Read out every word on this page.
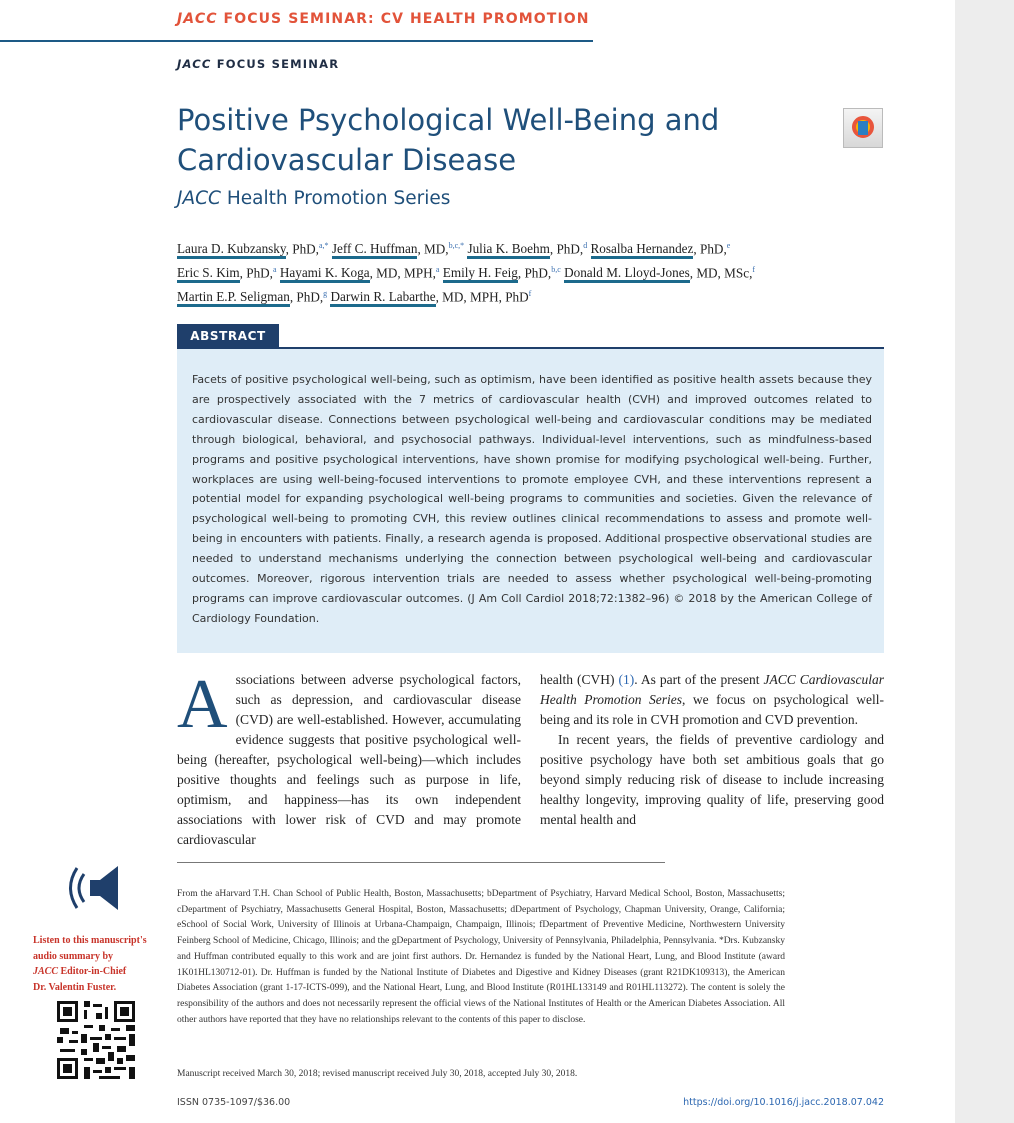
JACC FOCUS SEMINAR: CV HEALTH PROMOTION
JACC FOCUS SEMINAR
Positive Psychological Well-Being and Cardiovascular Disease
JACC Health Promotion Series

Laura D. Kubzansky, PhD,$^{a,*}$ Jeff C. Huffman, MD,$^{b,c,*}$ Julia K. Boehm, PhD,$^d$ Rosalba Hernandez, PhD,$^e$

Eric S. Kim, PhD,$^a$ Hayami K. Koga, MD, MPH,$^a$ Emily H. Feig, PhD,$^{b,c}$ Donald M. Lloyd-Jones, MD, MSc,$^f$

Martin E.P. Seligman, PhD,$^g$ Darwin R. Labarthe, MD, MPH, PhD$^f$

ABSTRACT

Facets of positive psychological well-being, such as optimism, have been identified as positive health assets because they are prospectively associated with the 7 metrics of cardiovascular health (CVH) and improved outcomes related to cardiovascular disease. Connections between psychological well-being and cardiovascular conditions may be mediated through biological, behavioral, and psychosocial pathways. Individual-level interventions, such as mindfulness-based programs and positive psychological interventions, have shown promise for modifying psychological well-being. Further, workplaces are using well-being-focused interventions to promote employee CVH, and these interventions represent a potential model for expanding psychological well-being programs to communities and societies. Given the relevance of psychological well-being to promoting CVH, this review outlines clinical recommendations to assess and promote well-being in encounters with patients. Finally, a research agenda is proposed. Additional prospective observational studies are needed to understand mechanisms underlying the connection between psychological well-being and cardiovascular outcomes. Moreover, rigorous intervention trials are needed to assess whether psychological well-being-promoting programs can improve cardiovascular outcomes. (J Am Coll Cardiol 2018;72:1382–96) © 2018 by the American College of Cardiology Foundation.

Associations between adverse psychological factors, such as depression, and cardiovascular disease (CVD) are well-established. However, accumulating evidence suggests that positive psychological well-being (hereafter, psychological well-being)—which includes positive thoughts and feelings such as purpose in life, optimism, and happiness—has its own independent associations with lower risk of CVD and may promote cardiovascular

health (CVH) (1). As part of the present JACC Cardiovascular Health Promotion Series, we focus on psychological well-being and its role in CVH promotion and CVD prevention.

In recent years, the fields of preventive cardiology and positive psychology have both set ambitious goals that go beyond simply reducing risk of disease to include increasing healthy longevity, improving quality of life, preserving good mental health and

From the aHarvard T.H. Chan School of Public Health, Boston, Massachusetts; bDepartment of Psychiatry, Harvard Medical School, Boston, Massachusetts; cDepartment of Psychiatry, Massachusetts General Hospital, Boston, Massachusetts; dDepartment of Psychology, Chapman University, Orange, California; eSchool of Social Work, University of Illinois at Urbana-Champaign, Champaign, Illinois; fDepartment of Preventive Medicine, Northwestern University Feinberg School of Medicine, Chicago, Illinois; and the gDepartment of Psychology, University of Pennsylvania, Philadelphia, Pennsylvania. *Drs. Kubzansky and Huffman contributed equally to this work and are joint first authors. Dr. Hernandez is funded by the National Heart, Lung, and Blood Institute (award 1K01HL130712-01). Dr. Huffman is funded by the National Institute of Diabetes and Digestive and Kidney Diseases (grant R21DK109313), the American Diabetes Association (grant 1-17-ICTS-099), and the National Heart, Lung, and Blood Institute (R01HL133149 and R01HL113272). The content is solely the responsibility of the authors and does not necessarily represent the official views of the National Institutes of Health or the American Diabetes Association. All other authors have reported that they have no relationships relevant to the contents of this paper to disclose.

Manuscript received March 30, 2018; revised manuscript received July 30, 2018, accepted July 30, 2018.
ISSN 0735-1097/$36.00	https://doi.org/10.1016/j.jacc.2018.07.042

Listen to this manuscript's audio summary by

JACC Editor-in-Chief

Dr. Valentin Fuster.
